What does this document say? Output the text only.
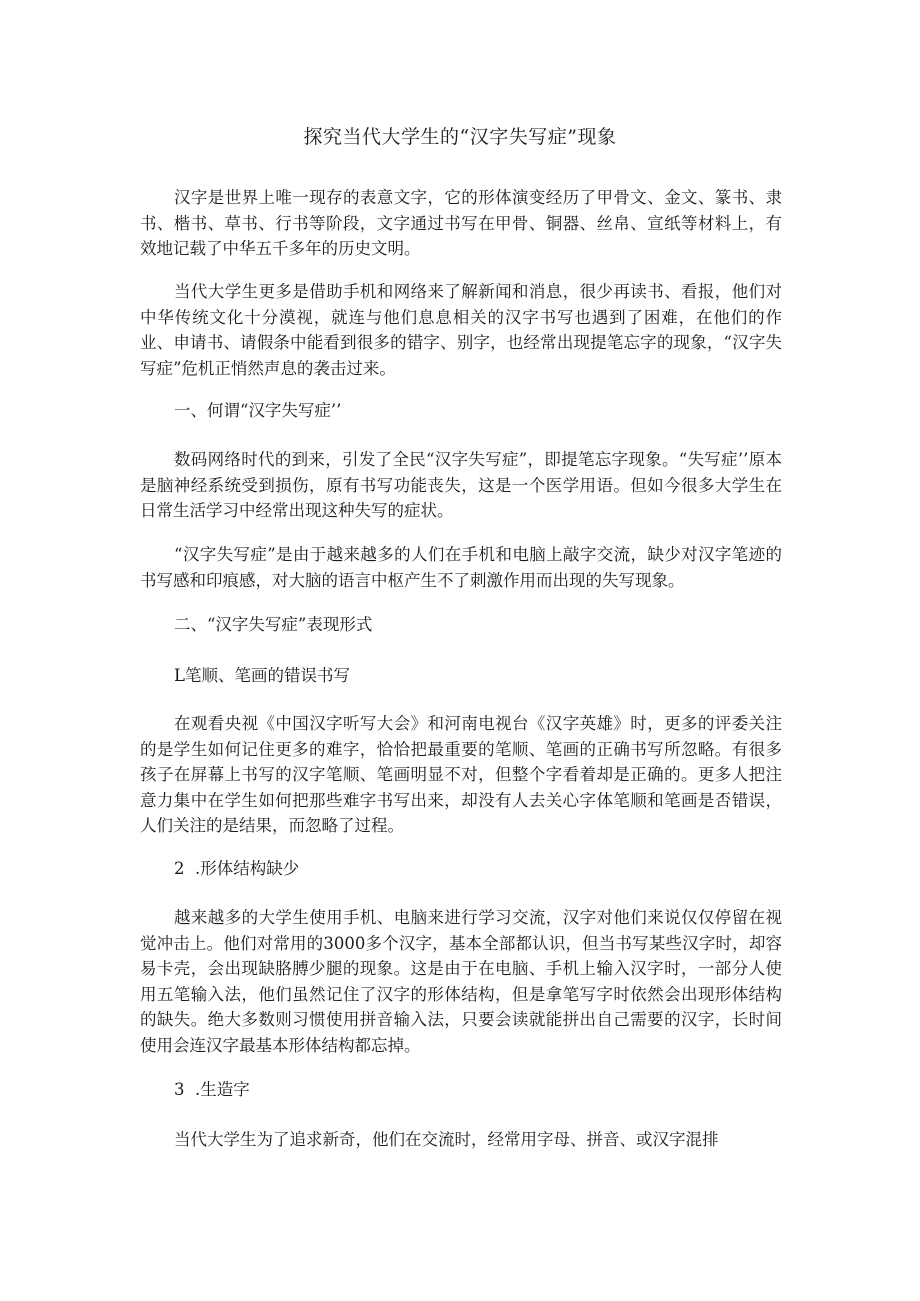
探究当代大学生的“汉字失写症”现象

汉字是世界上唯一现存的表意文字，它的形体演变经历了甲骨文、金文、篆书、隶书、楷书、草书、行书等阶段，文字通过书写在甲骨、铜器、丝帛、宣纸等材料上，有效地记载了中华五千多年的历史文明。

当代大学生更多是借助手机和网络来了解新闻和消息，很少再读书、看报，他们对中华传统文化十分漠视，就连与他们息息相关的汉字书写也遇到了困难，在他们的作业、申请书、请假条中能看到很多的错字、别字，也经常出现提笔忘字的现象，“汉字失写症”危机正悄然声息的袭击过来。

一、何谓“汉字失写症’’

数码网络时代的到来，引发了全民“汉字失写症”，即提笔忘字现象。“失写症’’原本是脑神经系统受到损伤，原有书写功能丧失，这是一个医学用语。但如今很多大学生在日常生活学习中经常出现这种失写的症状。

“汉字失写症”是由于越来越多的人们在手机和电脑上敲字交流，缺少对汉字笔迹的书写感和印痕感，对大脑的语言中枢产生不了刺激作用而出现的失写现象。

二、“汉字失写症”表现形式

L笔顺、笔画的错误书写

在观看央视《中国汉字听写大会》和河南电视台《汉字英雄》时，更多的评委关注的是学生如何记住更多的难字，恰恰把最重要的笔顺、笔画的正确书写所忽略。有很多孩子在屏幕上书写的汉字笔顺、笔画明显不对，但整个字看着却是正确的。更多人把注意力集中在学生如何把那些难字书写出来，却没有人去关心字体笔顺和笔画是否错误，人们关注的是结果，而忽略了过程。

2  .形体结构缺少

越来越多的大学生使用手机、电脑来进行学习交流，汉字对他们来说仅仅停留在视觉冲击上。他们对常用的3000多个汉字，基本全部都认识，但当书写某些汉字时，却容易卡壳，会出现缺胳膊少腿的现象。这是由于在电脑、手机上输入汉字时，一部分人使用五笔输入法，他们虽然记住了汉字的形体结构，但是拿笔写字时依然会出现形体结构的缺失。绝大多数则习惯使用拼音输入法，只要会读就能拼出自己需要的汉字，长时间使用会连汉字最基本形体结构都忘掉。

3  .生造字

当代大学生为了追求新奇，他们在交流时，经常用字母、拼音、或汉字混排
